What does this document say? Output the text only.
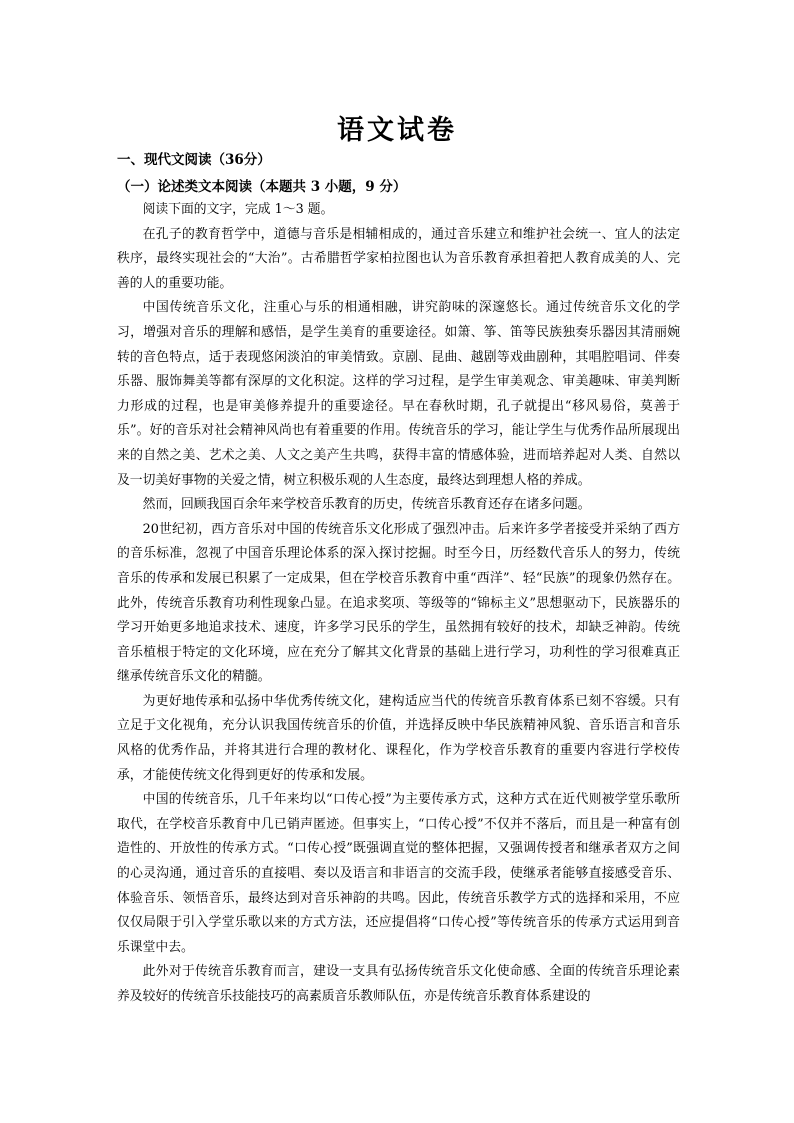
语文试卷
一、现代文阅读（36分）
（一）论述类文本阅读（本题共 3 小题，9 分）

阅读下面的文字，完成 1～3 题。

在孔子的教育哲学中，道德与音乐是相辅相成的，通过音乐建立和维护社会统一、宜人的法定秩序，最终实现社会的“大治”。古希腊哲学家柏拉图也认为音乐教育承担着把人教育成美的人、完善的人的重要功能。

中国传统音乐文化，注重心与乐的相通相融，讲究韵味的深邃悠长。通过传统音乐文化的学习，增强对音乐的理解和感悟，是学生美育的重要途径。如箫、筝、笛等民族独奏乐器因其清丽婉转的音色特点，适于表现悠闲淡泊的审美情致。京剧、昆曲、越剧等戏曲剧种，其唱腔唱词、伴奏乐器、服饰舞美等都有深厚的文化积淀。这样的学习过程，是学生审美观念、审美趣味、审美判断力形成的过程，也是审美修养提升的重要途径。早在春秋时期，孔子就提出“移风易俗，莫善于乐”。好的音乐对社会精神风尚也有着重要的作用。传统音乐的学习，能让学生与优秀作品所展现出来的自然之美、艺术之美、人文之美产生共鸣，获得丰富的情感体验，进而培养起对人类、自然以及一切美好事物的关爱之情，树立积极乐观的人生态度，最终达到理想人格的养成。

然而，回顾我国百余年来学校音乐教育的历史，传统音乐教育还存在诸多问题。

20世纪初，西方音乐对中国的传统音乐文化形成了强烈冲击。后来许多学者接受并采纳了西方的音乐标准，忽视了中国音乐理论体系的深入探讨挖掘。时至今日，历经数代音乐人的努力，传统音乐的传承和发展已积累了一定成果，但在学校音乐教育中重“西洋”、轻“民族”的现象仍然存在。此外，传统音乐教育功利性现象凸显。在追求奖项、等级等的“锦标主义”思想驱动下，民族器乐的学习开始更多地追求技术、速度，许多学习民乐的学生，虽然拥有较好的技术，却缺乏神韵。传统音乐植根于特定的文化环境，应在充分了解其文化背景的基础上进行学习，功利性的学习很难真正继承传统音乐文化的精髓。

为更好地传承和弘扬中华优秀传统文化，建构适应当代的传统音乐教育体系已刻不容缓。只有立足于文化视角，充分认识我国传统音乐的价值，并选择反映中华民族精神风貌、音乐语言和音乐风格的优秀作品，并将其进行合理的教材化、课程化，作为学校音乐教育的重要内容进行学校传承，才能使传统文化得到更好的传承和发展。

中国的传统音乐，几千年来均以“口传心授”为主要传承方式，这种方式在近代则被学堂乐歌所取代，在学校音乐教育中几已销声匿迹。但事实上，“口传心授”不仅并不落后，而且是一种富有创造性的、开放性的传承方式。“口传心授”既强调直觉的整体把握，又强调传授者和继承者双方之间的心灵沟通，通过音乐的直接唱、奏以及语言和非语言的交流手段，使继承者能够直接感受音乐、体验音乐、领悟音乐，最终达到对音乐神韵的共鸣。因此，传统音乐教学方式的选择和采用，不应仅仅局限于引入学堂乐歌以来的方式方法，还应提倡将“口传心授”等传统音乐的传承方式运用到音乐课堂中去。

此外对于传统音乐教育而言，建设一支具有弘扬传统音乐文化使命感、全面的传统音乐理论素养及较好的传统音乐技能技巧的高素质音乐教师队伍，亦是传统音乐教育体系建设的
